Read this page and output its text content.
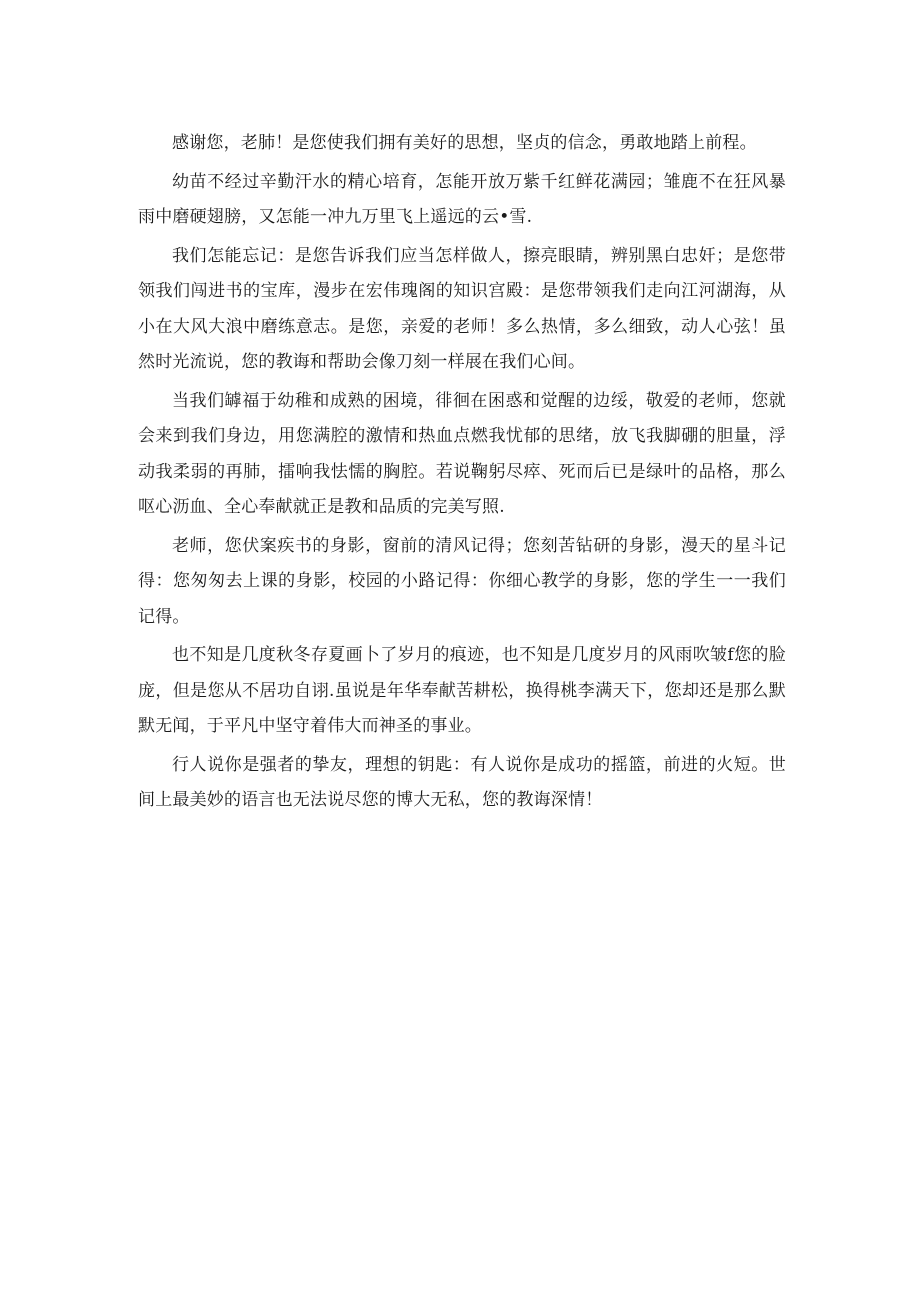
感谢您，老肺！是您使我们拥有美好的思想，坚贞的信念，勇敢地踏上前程。

幼苗不经过辛勤汗水的精心培育，怎能开放万紫千红鲜花满园；雏鹿不在狂风暴雨中磨硬翅膀，又怎能一冲九万里飞上遥远的云•雪.

我们怎能忘记：是您告诉我们应当怎样做人，擦亮眼睛，辨别黑白忠奸；是您带领我们闯进书的宝库，漫步在宏伟瑰阁的知识宫殿：是您带领我们走向江河湖海，从小在大风大浪中磨练意志。是您，亲爱的老师！多么热情，多么细致，动人心弦！虽然时光流说，您的教诲和帮助会像刀刻一样展在我们心间。

当我们罅福于幼稚和成熟的困境，徘徊在困惑和觉醒的边绥，敬爱的老师，您就会来到我们身边，用您满腔的激情和热血点燃我忧郁的思绪，放飞我脚硼的胆量，浮动我柔弱的再肺，擂响我怯懦的胸腔。若说鞠躬尽瘁、死而后已是绿叶的品格，那么呕心沥血、全心奉献就正是教和品质的完美写照.

老师，您伏案疾书的身影，窗前的清风记得；您刻苦钻研的身影，漫天的星斗记得：您匆匆去上课的身影，校园的小路记得：你细心教学的身影，您的学生一一我们记得。

也不知是几度秋冬存夏画卜了岁月的痕迹，也不知是几度岁月的风雨吹皱f您的脸庞，但是您从不居功自诩.虽说是年华奉献苦耕松，换得桃李满天下，您却还是那么默默无闻，于平凡中坚守着伟大而神圣的事业。

行人说你是强者的挚友，理想的钥匙：有人说你是成功的摇篮，前进的火短。世间上最美妙的语言也无法说尽您的博大无私，您的教诲深情！
